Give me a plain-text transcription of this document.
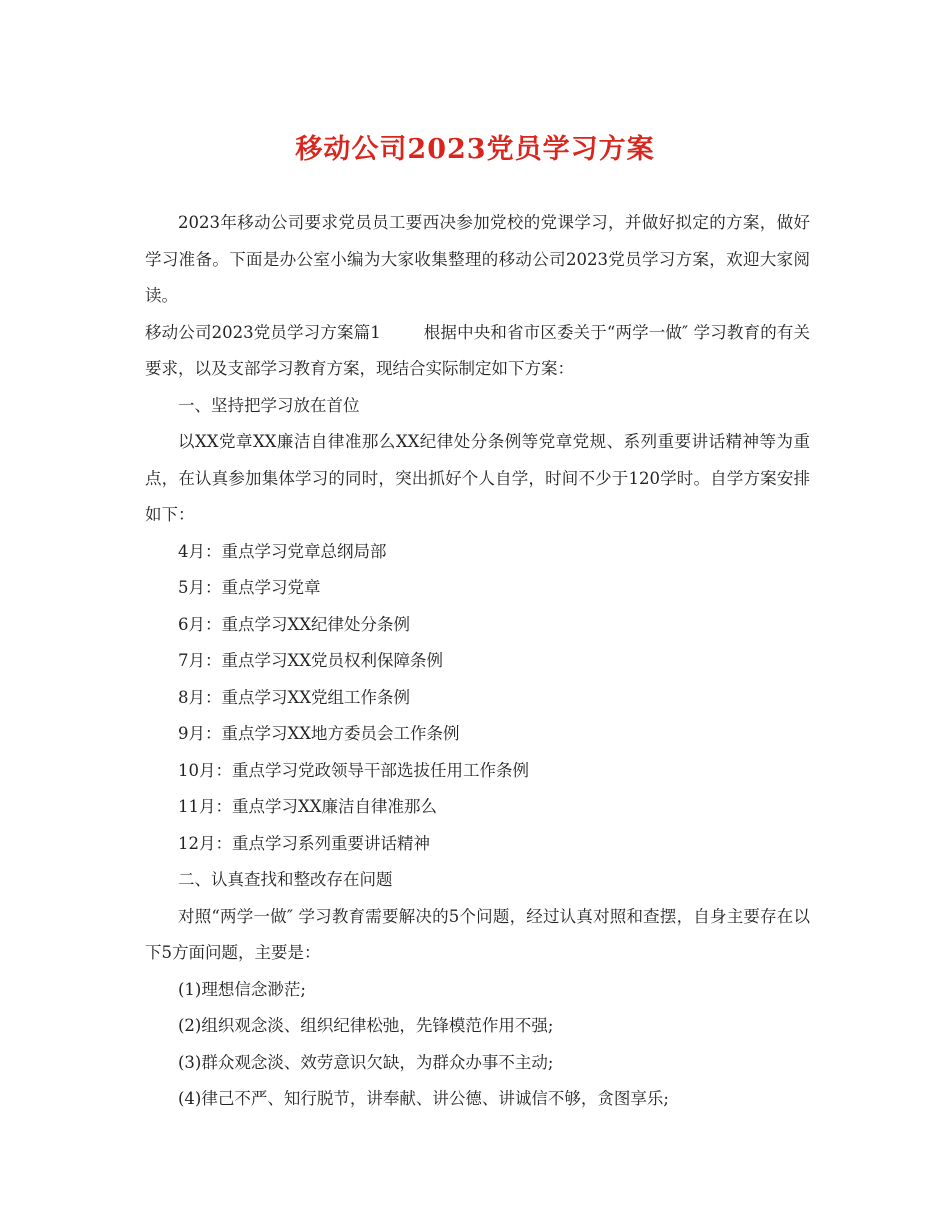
移动公司2023党员学习方案

2023年移动公司要求党员员工要西决参加党校的党课学习，并做好拟定的方案，做好学习准备。下面是办公室小编为大家收集整理的移动公司2023党员学习方案，欢迎大家阅读。

移动公司2023党员学习方案篇1	根据中央和省市区委关于“两学一做″ 学习教育的有关要求，以及支部学习教育方案，现结合实际制定如下方案：

一、坚持把学习放在首位

以XX党章XX廉洁自律准那么XX纪律处分条例等党章党规、系列重要讲话精神等为重点，在认真参加集体学习的同时，突出抓好个人自学，时间不少于120学时。自学方案安排如下：

4月：重点学习党章总纲局部

5月：重点学习党章

6月：重点学习XX纪律处分条例

7月：重点学习XX党员权利保障条例

8月：重点学习XX党组工作条例

9月：重点学习XX地方委员会工作条例

10月：重点学习党政领导干部选拔任用工作条例

11月：重点学习XX廉洁自律准那么

12月：重点学习系列重要讲话精神

二、认真查找和整改存在问题

对照“两学一做″ 学习教育需要解决的5个问题，经过认真对照和查摆，自身主要存在以下5方面问题，主要是：

(1)理想信念渺茫;

(2)组织观念淡、组织纪律松弛，先锋模范作用不强;

(3)群众观念淡、效劳意识欠缺，为群众办事不主动;

(4)律己不严、知行脱节，讲奉献、讲公德、讲诚信不够，贪图享乐;
